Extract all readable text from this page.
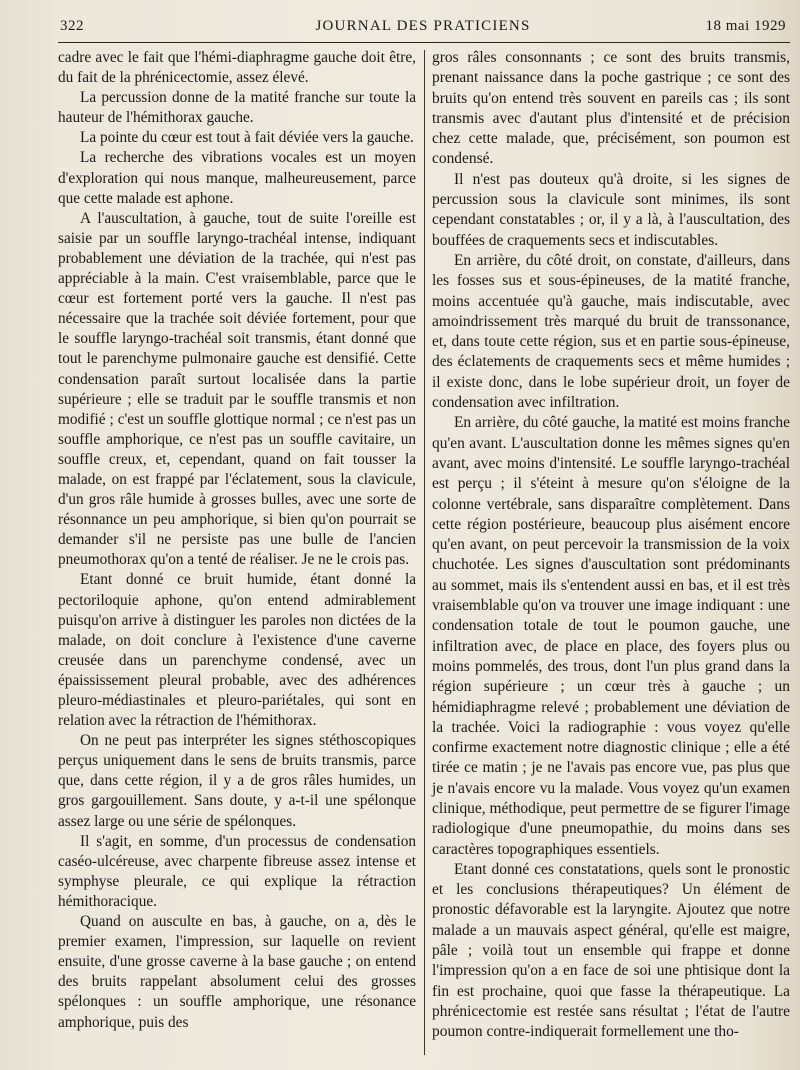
322	JOURNAL DES PRATICIENS	18 mai 1929

cadre avec le fait que l'hémi-diaphragme gauche doit être, du fait de la phrénicectomie, assez élevé.

La percussion donne de la matité franche sur toute la hauteur de l'hémithorax gauche.

La pointe du cœur est tout à fait déviée vers la gauche.

La recherche des vibrations vocales est un moyen d'exploration qui nous manque, malheureusement, parce que cette malade est aphone.

A l'auscultation, à gauche, tout de suite l'oreille est saisie par un souffle laryngo-trachéal intense, indiquant probablement une déviation de la trachée, qui n'est pas appréciable à la main. C'est vraisemblable, parce que le cœur est fortement porté vers la gauche. Il n'est pas nécessaire que la trachée soit déviée fortement, pour que le souffle laryngo-trachéal soit transmis, étant donné que tout le parenchyme pulmonaire gauche est densifié. Cette condensation paraît surtout localisée dans la partie supérieure ; elle se traduit par le souffle transmis et non modifié ; c'est un souffle glottique normal ; ce n'est pas un souffle amphorique, ce n'est pas un souffle cavitaire, un souffle creux, et, cependant, quand on fait tousser la malade, on est frappé par l'éclatement, sous la clavicule, d'un gros râle humide à grosses bulles, avec une sorte de résonnance un peu amphorique, si bien qu'on pourrait se demander s'il ne persiste pas une bulle de l'ancien pneumothorax qu'on a tenté de réaliser. Je ne le crois pas.

Etant donné ce bruit humide, étant donné la pectoriloquie aphone, qu'on entend admirablement puisqu'on arrive à distinguer les paroles non dictées de la malade, on doit conclure à l'existence d'une caverne creusée dans un parenchyme condensé, avec un épaississement pleural probable, avec des adhérences pleuro-médiastinales et pleuro-pariétales, qui sont en relation avec la rétraction de l'hémithorax.

On ne peut pas interpréter les signes stéthoscopiques perçus uniquement dans le sens de bruits transmis, parce que, dans cette région, il y a de gros râles humides, un gros gargouillement. Sans doute, y a-t-il une spélonque assez large ou une série de spélonques.

Il s'agit, en somme, d'un processus de condensation caséo-ulcéreuse, avec charpente fibreuse assez intense et symphyse pleurale, ce qui explique la rétraction hémithoracique.

Quand on ausculte en bas, à gauche, on a, dès le premier examen, l'impression, sur laquelle on revient ensuite, d'une grosse caverne à la base gauche ; on entend des bruits rappelant absolument celui des grosses spélonques : un souffle amphorique, une résonance amphorique, puis des

gros râles consonnants ; ce sont des bruits transmis, prenant naissance dans la poche gastrique ; ce sont des bruits qu'on entend très souvent en pareils cas ; ils sont transmis avec d'autant plus d'intensité et de précision chez cette malade, que, précisément, son poumon est condensé.

Il n'est pas douteux qu'à droite, si les signes de percussion sous la clavicule sont minimes, ils sont cependant constatables ; or, il y a là, à l'auscultation, des bouffées de craquements secs et indiscutables.

En arrière, du côté droit, on constate, d'ailleurs, dans les fosses sus et sous-épineuses, de la matité franche, moins accentuée qu'à gauche, mais indiscutable, avec amoindrissement très marqué du bruit de transsonance, et, dans toute cette région, sus et en partie sous-épineuse, des éclatements de craquements secs et même humides ; il existe donc, dans le lobe supérieur droit, un foyer de condensation avec infiltration.

En arrière, du côté gauche, la matité est moins franche qu'en avant. L'auscultation donne les mêmes signes qu'en avant, avec moins d'intensité. Le souffle laryngo-trachéal est perçu ; il s'éteint à mesure qu'on s'éloigne de la colonne vertébrale, sans disparaître complètement. Dans cette région postérieure, beaucoup plus aisément encore qu'en avant, on peut percevoir la transmission de la voix chuchotée. Les signes d'auscultation sont prédominants au sommet, mais ils s'entendent aussi en bas, et il est très vraisemblable qu'on va trouver une image indiquant : une condensation totale de tout le poumon gauche, une infiltration avec, de place en place, des foyers plus ou moins pommelés, des trous, dont l'un plus grand dans la région supérieure ; un cœur très à gauche ; un hémidiaphragme relevé ; probablement une déviation de la trachée. Voici la radiographie : vous voyez qu'elle confirme exactement notre diagnostic clinique ; elle a été tirée ce matin ; je ne l'avais pas encore vue, pas plus que je n'avais encore vu la malade. Vous voyez qu'un examen clinique, méthodique, peut permettre de se figurer l'image radiologique d'une pneumopathie, du moins dans ses caractères topographiques essentiels.

Etant donné ces constatations, quels sont le pronostic et les conclusions thérapeutiques? Un élément de pronostic défavorable est la laryngite. Ajoutez que notre malade a un mauvais aspect général, qu'elle est maigre, pâle ; voilà tout un ensemble qui frappe et donne l'impression qu'on a en face de soi une phtisique dont la fin est prochaine, quoi que fasse la thérapeutique. La phrénicectomie est restée sans résultat ; l'état de l'autre poumon contre-indiquerait formellement une tho-
